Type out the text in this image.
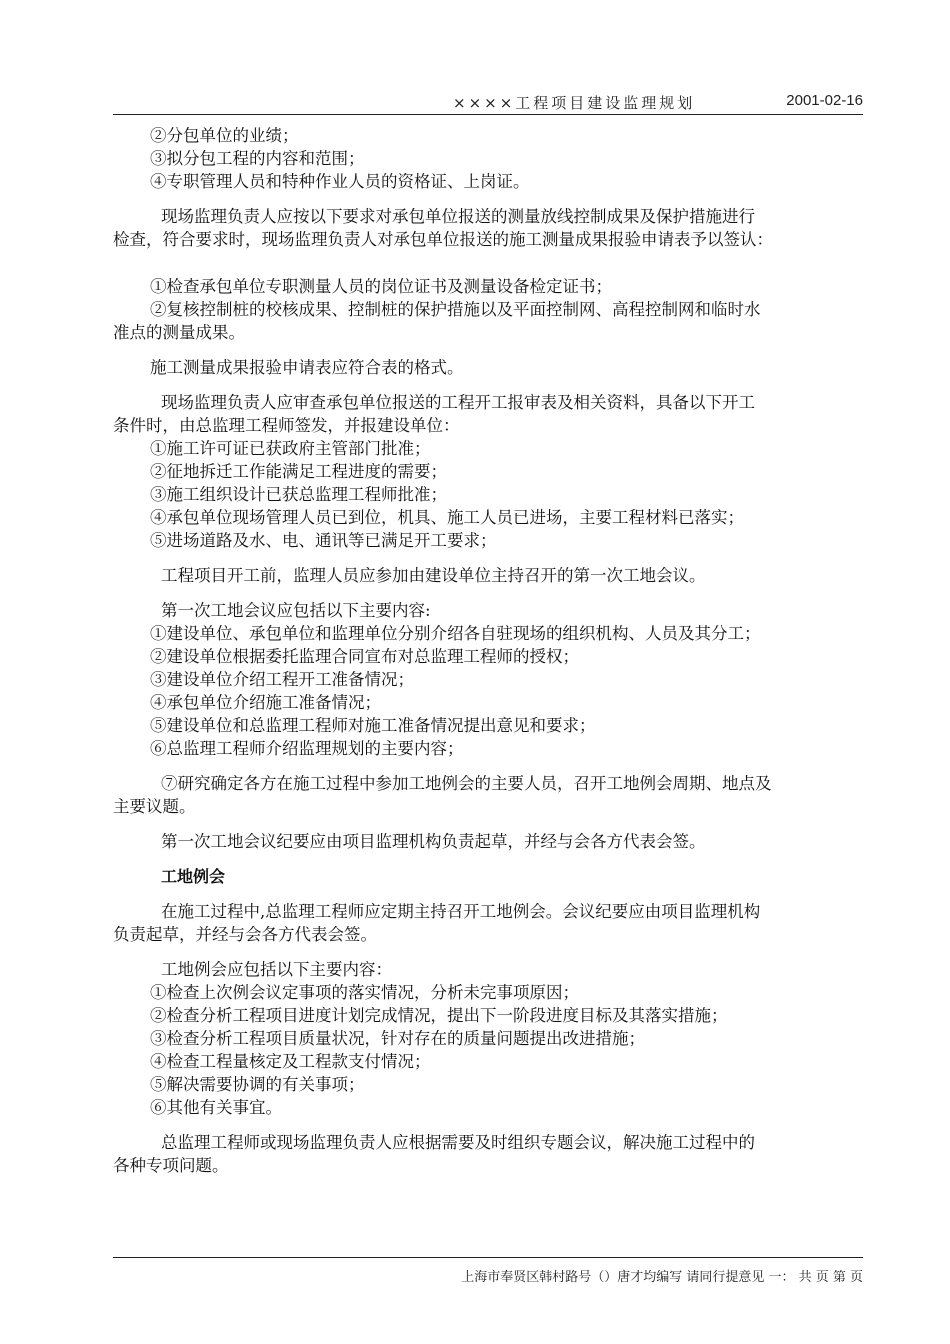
××××工程项目建设监理规划	2001-02-16
②分包单位的业绩；
③拟分包工程的内容和范围；
④专职管理人员和特种作业人员的资格证、上岗证。
现场监理负责人应按以下要求对承包单位报送的测量放线控制成果及保护措施进行
检查，符合要求时，现场监理负责人对承包单位报送的施工测量成果报验申请表予以签认：
①检查承包单位专职测量人员的岗位证书及测量设备检定证书；
②复核控制桩的校核成果、控制桩的保护措施以及平面控制网、高程控制网和临时水
准点的测量成果。
施工测量成果报验申请表应符合表的格式。
现场监理负责人应审查承包单位报送的工程开工报审表及相关资料，具备以下开工
条件时，由总监理工程师签发，并报建设单位：
①施工许可证已获政府主管部门批准；
②征地拆迁工作能满足工程进度的需要；
③施工组织设计已获总监理工程师批准；
④承包单位现场管理人员已到位，机具、施工人员已进场，主要工程材料已落实；
⑤进场道路及水、电、通讯等已满足开工要求；
工程项目开工前，监理人员应参加由建设单位主持召开的第一次工地会议。
第一次工地会议应包括以下主要内容:
①建设单位、承包单位和监理单位分别介绍各自驻现场的组织机构、人员及其分工；
②建设单位根据委托监理合同宣布对总监理工程师的授权；
③建设单位介绍工程开工准备情况；
④承包单位介绍施工准备情况；
⑤建设单位和总监理工程师对施工准备情况提出意见和要求；
⑥总监理工程师介绍监理规划的主要内容；
⑦研究确定各方在施工过程中参加工地例会的主要人员，召开工地例会周期、地点及
主要议题。
第一次工地会议纪要应由项目监理机构负责起草，并经与会各方代表会签。
工地例会
在施工过程中,总监理工程师应定期主持召开工地例会。会议纪要应由项目监理机构
负责起草，并经与会各方代表会签。
工地例会应包括以下主要内容：
①检查上次例会议定事项的落实情况，分析未完事项原因；
②检查分析工程项目进度计划完成情况，提出下一阶段进度目标及其落实措施；
③检查分析工程项目质量状况，针对存在的质量问题提出改进措施；
④检查工程量核定及工程款支付情况；
⑤解决需要协调的有关事项；
⑥其他有关事宜。
总监理工程师或现场监理负责人应根据需要及时组织专题会议，解决施工过程中的
各种专项问题。
上海市奉贤区韩村路号（）唐才均编写 请同行提意见 一： 共 页 第 页
